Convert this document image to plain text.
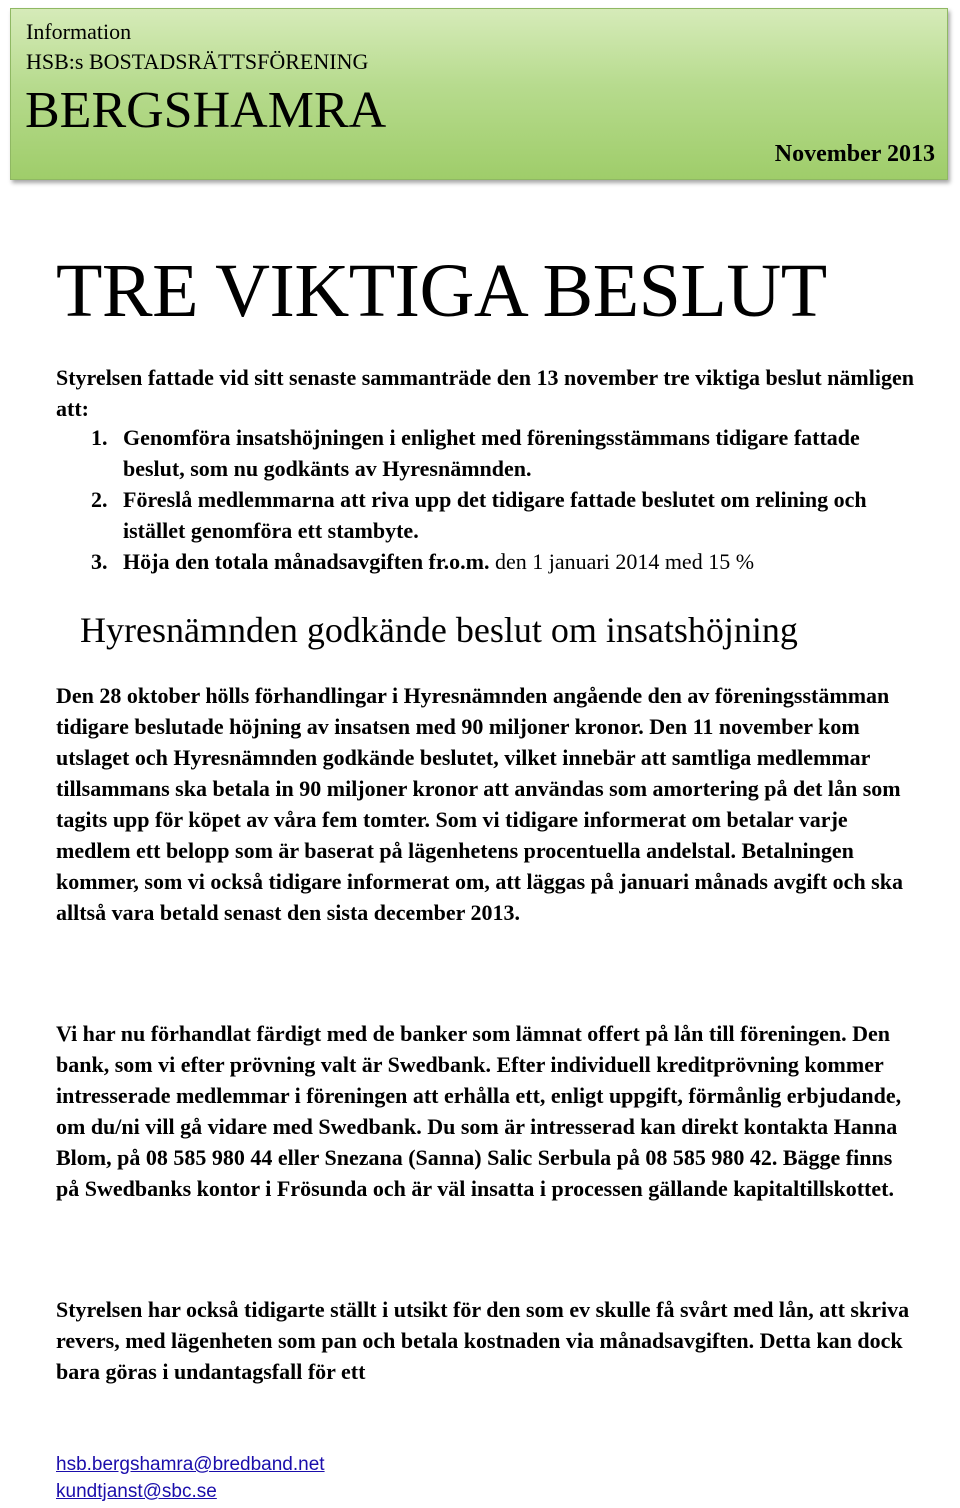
Information
HSB:s BOSTADSRÄTTSFÖRENING
BERGSHAMRA
November 2013
TRE VIKTIGA BESLUT
Styrelsen fattade vid sitt senaste sammanträde den 13 november tre viktiga beslut nämligen att:
1. Genomföra insatshöjningen i enlighet med föreningsstämmans tidigare fattade beslut, som nu godkänts av Hyresnämnden.
2. Föreslå medlemmarna att riva upp det tidigare fattade beslutet om relining och istället genomföra ett stambyte.
3. Höja den totala månadsavgiften fr.o.m. den 1 januari 2014 med 15 %
Hyresnämnden godkände beslut om insatshöjning

Den 28 oktober hölls förhandlingar i Hyresnämnden angående den av föreningsstämman tidigare beslutade höjning av insatsen med 90 miljoner kronor. Den 11 november kom utslaget och Hyresnämnden godkände beslutet, vilket innebär att samtliga medlemmar tillsammans ska betala in 90 miljoner kronor att användas som amortering på det lån som tagits upp för köpet av våra fem tomter. Som vi tidigare informerat om betalar varje medlem ett belopp som är baserat på lägenhetens procentuella andelstal. Betalningen kommer, som vi också tidigare informerat om, att läggas på januari månads avgift och ska alltså vara betald senast den sista december 2013.

Vi har nu förhandlat färdigt med de banker som lämnat offert på lån till föreningen. Den bank, som vi efter prövning valt är Swedbank. Efter individuell kreditprövning kommer intresserade medlemmar i föreningen att erhålla ett, enligt uppgift, förmånlig erbjudande, om du/ni vill gå vidare med Swedbank. Du som är intresserad kan direkt kontakta Hanna Blom, på 08 585 980 44 eller Snezana (Sanna) Salic Serbula på 08 585 980 42. Bägge finns på Swedbanks kontor i Frösunda och är väl insatta i processen gällande kapitaltillskottet.

Styrelsen har också tidigarte ställt i utsikt för den som ev skulle få svårt med lån, att skriva revers, med lägenheten som pan och betala kostnaden via månadsavgiften. Detta kan dock bara göras i undantagsfall för ett

hsb.bergshamra@bredband.net
kundtjanst@sbc.se
